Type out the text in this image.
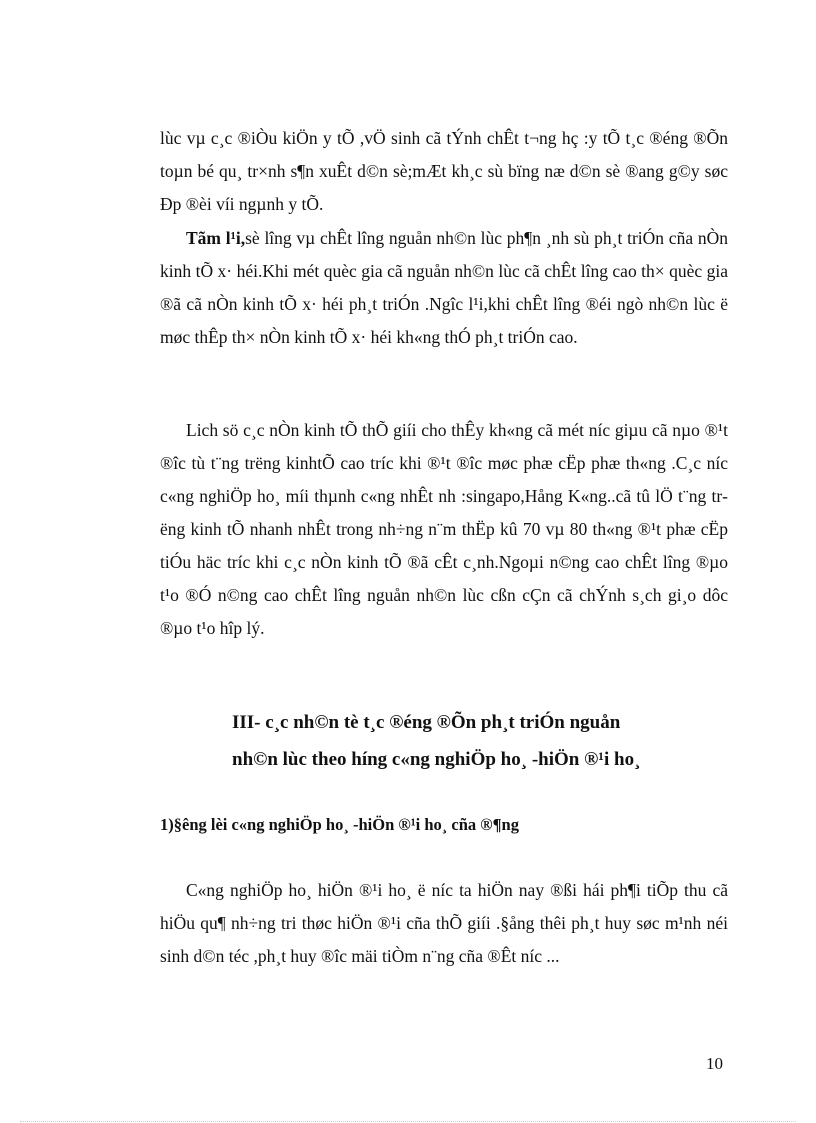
lùc vµ c¸c ®iÒu kiÖn y tÕ ,vÖ sinh cã tÝnh chÊt t¬ng hç :y tÕ t¸c ®éng ®Õn toµn bé qu¸ tr×nh s¶n xuÊt d©n sè;mÆt kh¸c sù bïng næ d©n sè ®ang g©y søc Ðp ®èi víi ngµnh y tÕ.

Tãm l¹i,sè lîng vµ chÊt lîng nguån nh©n lùc ph¶n ¸nh sù ph¸t triÓn cña nÒn kinh tÕ x· héi.Khi mét quèc gia cã nguån nh©n lùc cã chÊt lîng cao th× quèc gia ®ã cã nÒn kinh tÕ x· héi ph¸t triÓn .Ngîc l¹i,khi chÊt lîng ®éi ngò nh©n lùc ë møc thÊp th× nÒn kinh tÕ x· héi kh«ng thÓ ph¸t triÓn cao.

Lich sö c¸c nÒn kinh tÕ thÕ giíi cho thÊy kh«ng cã mét níc giµu cã nµo ®¹t ®îc tù t¨ng trëng kinhtÕ cao tríc khi ®¹t ®îc møc phæ cËp phæ th«ng .C¸c níc c«ng nghiÖp ho¸ míi thµnh c«ng nhÊt nh :singapo,Hång K«ng..cã tû lÖ t¨ng trëng kinh tÕ nhanh nhÊt trong nh÷ng n¨m thËp kû 70 vµ 80 th«ng ®¹t phæ cËp tiÓu häc tríc khi c¸c nÒn kinh tÕ ®ã cÊt c¸nh.Ngoµi n©ng cao chÊt lîng ®µo t¹o ®Ó n©ng cao chÊt lîng nguån nh©n lùc cßn cÇn cã chÝnh s¸ch gi¸o dôc ®µo t¹o hîp lý.

III- c¸c nh©n tè t¸c ®éng ®Õn ph¸t triÓn nguån
nh©n lùc theo híng c«ng nghiÖp ho¸ -hiÖn ®¹i ho¸

1)§êng lèi c«ng nghiÖp ho¸ -hiÖn ®¹i ho¸ cña ®¶ng

C«ng nghiÖp ho¸ hiÖn ®¹i ho¸ ë níc ta hiÖn nay ®ßi hái ph¶i tiÕp thu cã hiÖu qu¶ nh÷ng tri thøc hiÖn ®¹i cña thÕ giíi .§ång thêi ph¸t huy søc m¹nh néi sinh d©n téc ,ph¸t huy ®îc mäi tiÒm n¨ng cña ®Êt níc ...

10
